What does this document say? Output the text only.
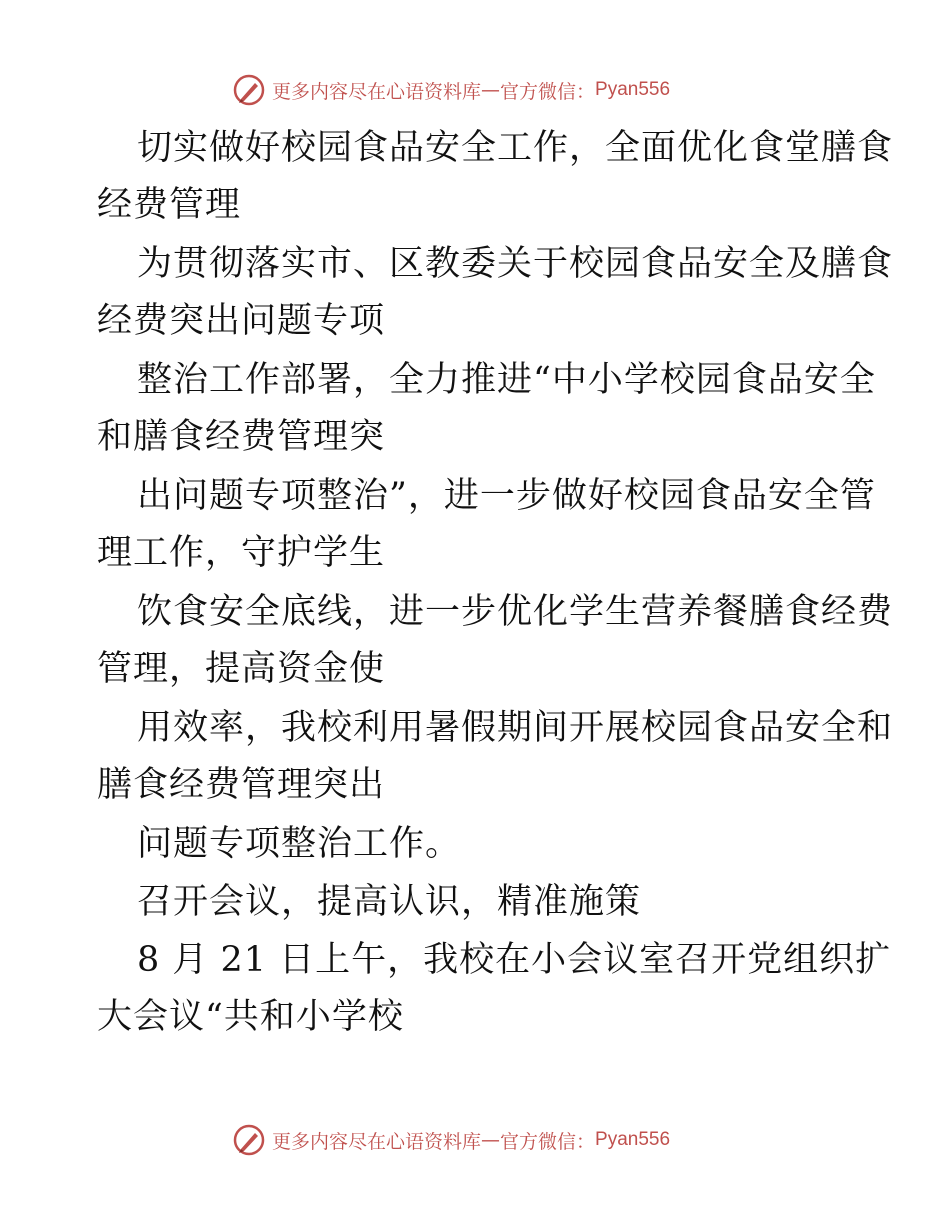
更多内容尽在心语资料库 — 官方微信： Pyan556
切实做好校园食品安全工作，全面优化食堂膳食
经费管理
为贯彻落实市、区教委关于校园食品安全及膳食
经费突出问题专项
整治工作部署，全力推进“中小学校园食品安全
和膳食经费管理突
出问题专项整治”，进一步做好校园食品安全管
理工作，守护学生
饮食安全底线，进一步优化学生营养餐膳食经费
管理，提高资金使
用效率，我校利用暑假期间开展校园食品安全和
膳食经费管理突出
问题专项整治工作。
召开会议，提高认识，精准施策
8 月 21 日上午，我校在小会议室召开党组织扩
大会议“共和小学校
更多内容尽在心语资料库 — 官方微信： Pyan556
